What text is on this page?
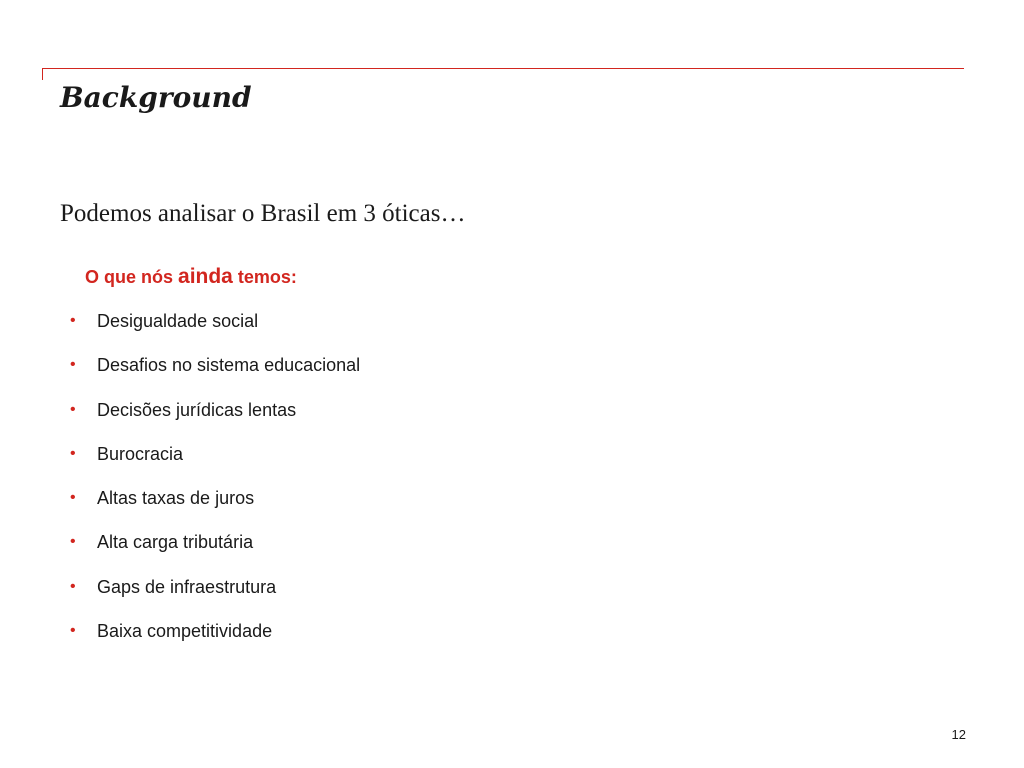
Background

Podemos analisar o Brasil em 3 óticas…

O que nós ainda temos:

• Desigualdade social
• Desafios no sistema educacional
• Decisões jurídicas lentas
• Burocracia
• Altas taxas de juros
• Alta carga tributária
• Gaps de infraestrutura
• Baixa competitividade
12
